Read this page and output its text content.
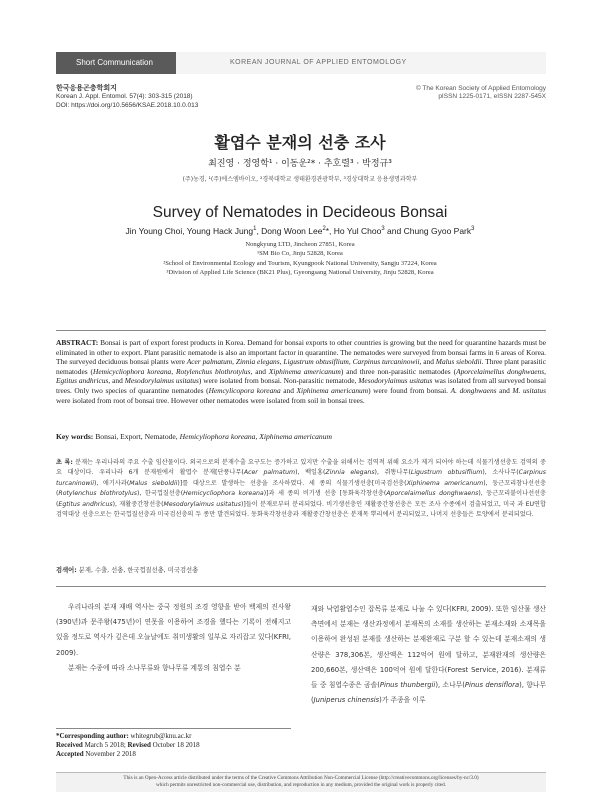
Short Communication	KOREAN JOURNAL OF APPLIED ENTOMOLOGY
한국응용곤충학회지
Korean J. Appl. Entomol. 57(4): 303-315 (2018)
DOI: https://doi.org/10.5656/KSAE.2018.10.0.013
© The Korean Society of Applied Entomology
pISSN 1225-0171, eISSN 2287-545X
활엽수 분재의 선충 조사
최진영 · 정영학¹ · 이동운²* · 추호렬³ · 박정규³
(주)농경, ¹(주)에스엠바이오, ²경북대학교 생태환경관광학부, ³경상대학교 응용생명과학부
Survey of Nematodes in Decideous Bonsai
Jin Young Choi, Young Hack Jung$^1$, Dong Woon Lee$^2$*, Ho Yul Choo$^3$ and Chung Gyoo Park$^3$
Nongkyung LTD, Jincheon 27851, Korea
¹SM Bio Co, Jinju 52828, Korea
²School of Environmental Ecology and Tourism, Kyungpook National University, Sangju 37224, Korea
³Division of Applied Life Science (BK21 Plus), Gyeongsang National University, Jinju 52828, Korea
ABSTRACT: Bonsai is part of export forest products in Korea. Demand for bonsai exports to other countries is growing but the need for quarantine hazards must be eliminated in other to export. Plant parasitic nematode is also an important factor in quarantine. The nematodes were surveyed from bonsai farms in 6 areas of Korea. The surveyed deciduous bonsai plants were Acer palmatum, Zinnia elegans, Ligustrum obtusiflium, Carpinus turcaninowii, and Malus sieboldii. Three plant parasitic nematodes (Hemicycliophora koreana, Rotylenchus blothrotylus, and Xiphinema americanum) and three non-parasitic nematodes (Aporcelaimellus donghwaens, Egtitus andhricus, and Mesodorylaimus usitatus) were isolated from bonsai. Non-parasitic nematode, Mesodorylaimus usitatus was isolated from all surveyed bonsai trees. Only two species of quarantine nematodes (Hemcylicopora koreana and Xiphinema americanum) were found from bonsai. A. donghwaens and M. usitatus were isolated from root of bonsai tree. However other nematodes were isolated from soil in bonsai trees.
Key words: Bonsai, Export, Nematode, Hemicyliophora koreana, Xiphinema americanum
초 록: 분재는 우리나라의 주요 수출 임산물이다. 외국으로의 분재수출 요구도는 증가하고 있지만 수출을 위해서는 검역적 위해 요소가 제거 되어야 하는데 식물기생선충도 검역의 중요 대상이다. 우리나라 6개 분재원에서 활엽수 분재[단풍나무(Acer palmatum), 백일홍(Zinnia elegans), 쥐똥나무(Ligustrum obtusiflium), 소사나무(Carpinus turcaninowii), 애기사과(Malus sieboldii)]를 대상으로 발생하는 선충을 조사하였다. 세 종의 식물기생선충[미국검선충(Xiphinema americanum), 둥근꼬리참나선선충(Rotylenchus blothrotylus), 한국껍질선충(Hemicycliophora koreana)]과 세 종의 비기생 선충 [동화육각창선충(Aporcelaimellus donghwaens), 둥근꼬리붙이나선선충(Egtitus andhricus), 재활중간창선충(Mesodorylaimus usitatus)]들이 분재로부터 분리되었다. 비기생선충인 재활중간창선충은 모든 조사 수종에서 검출되었고, 미국 과 EU연합 검역대상 선충으로는 한국껍질선충과 미국검선충의 두 종만 발견되었다. 동화육각창선충과 재활중간창선충은 분재목 뿌리에서 분리되었고, 나머지 선충들은 토양에서 분리되었다.
검색어: 분재, 수출, 선충, 한국껍질선충, 미국검선충

우리나라의 분재 재배 역사는 중국 정원의 조경 영향을 받아 백제의 진사왕(390년)과 문주왕(475년)이 연못을 이용하여 조경을 했다는 기록이 전해지고 있을 정도로 역사가 깊은데 오늘날에도 취미생활의 일부로 자리잡고 있다(KFRI, 2009).

분재는 수종에 따라 소나무류와 향나무류 계통의 침엽수 분

재와 낙엽활엽수인 잡목류 분재로 나눌 수 있다(KFRI, 2009). 또한 임산물 생산 측면에서 분재는 생산과정에서 분재목의 소재를 생산하는 분재소재와 소재목을 이용하여 완성된 분재를 생산하는 분재완재로 구분 할 수 있는데 분재소재의 생산량은 378,306본, 생산액은 112억여 원에 달하고, 분재완재의 생산량은 200,660본, 생산액은 100억여 원에 달한다(Forest Service, 2016). 분재류들 중 침엽수종은 곰솔(Pinus thunbergii), 소나무(Pinus densiflora), 향나무(Juniperus chinensis)가 주종을 이루

*Corresponding author: whitegrub@knu.ac.kr
Received March 5 2018; Revised October 18 2018
Accepted November 2 2018
This is an Open-Access article distributed under the terms of the Creative Commons Attribution Non-Commercial License (http://creativecommons.org/licenses/by-nc/3.0)
which permits unrestricted non-commercial use, distribution, and reproduction in any medium, provided the original work is properly cited.
